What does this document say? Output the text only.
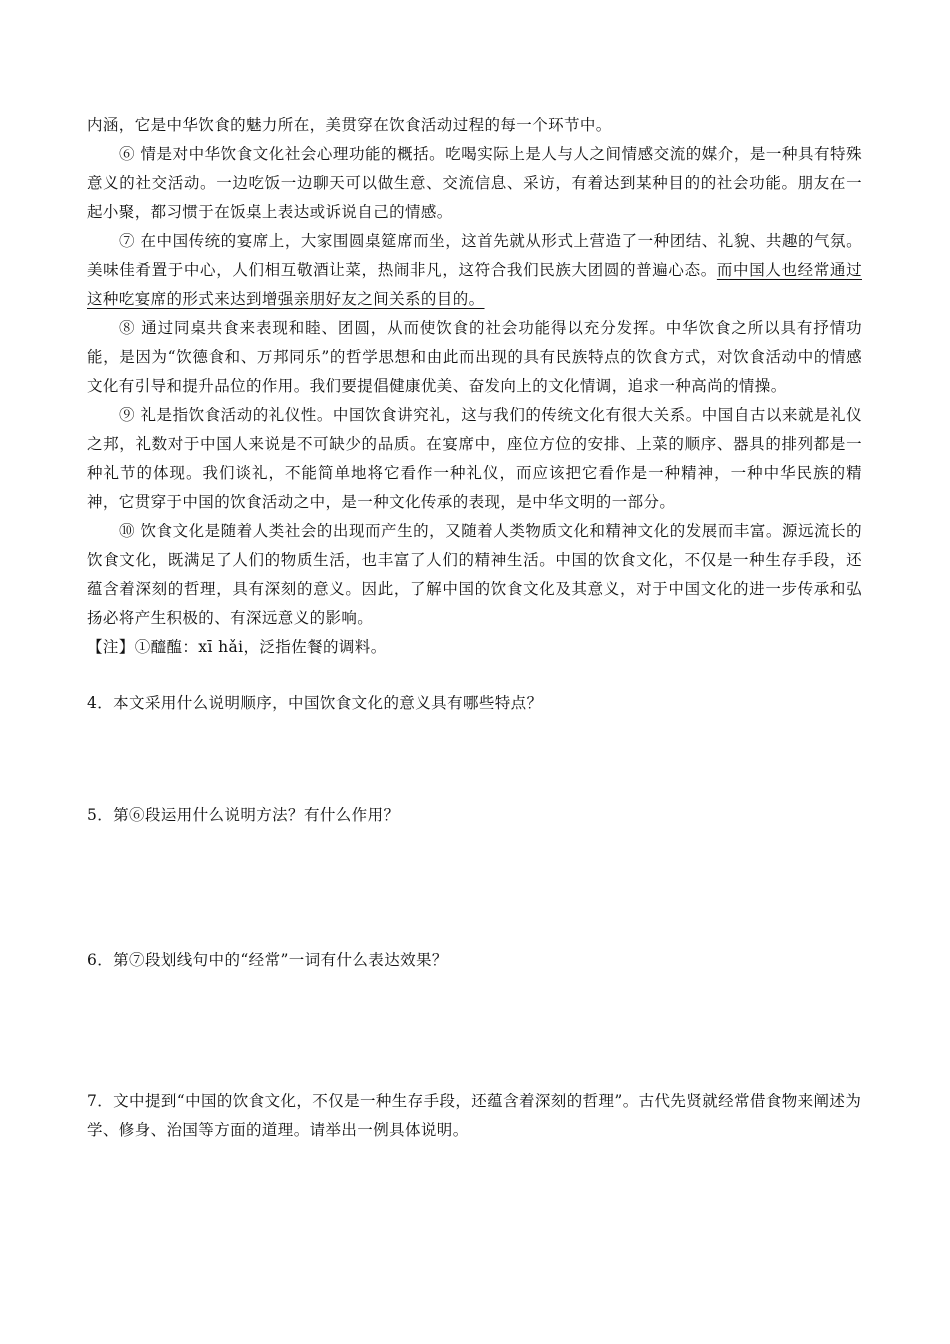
内涵，它是中华饮食的魅力所在，美贯穿在饮食活动过程的每一个环节中。

⑥ 情是对中华饮食文化社会心理功能的概括。吃喝实际上是人与人之间情感交流的媒介，是一种具有特殊意义的社交活动。一边吃饭一边聊天可以做生意、交流信息、采访，有着达到某种目的的社会功能。朋友在一起小聚，都习惯于在饭桌上表达或诉说自己的情感。

⑦ 在中国传统的宴席上，大家围圆桌筵席而坐，这首先就从形式上营造了一种团结、礼貌、共趣的气氛。美味佳肴置于中心，人们相互敬酒让菜，热闹非凡，这符合我们民族大团圆的普遍心态。而中国人也经常通过这种吃宴席的形式来达到增强亲朋好友之间关系的目的。

⑧ 通过同桌共食来表现和睦、团圆，从而使饮食的社会功能得以充分发挥。中华饮食之所以具有抒情功能，是因为“饮德食和、万邦同乐”的哲学思想和由此而出现的具有民族特点的饮食方式，对饮食活动中的情感文化有引导和提升品位的作用。我们要提倡健康优美、奋发向上的文化情调，追求一种高尚的情操。

⑨ 礼是指饮食活动的礼仪性。中国饮食讲究礼，这与我们的传统文化有很大关系。中国自古以来就是礼仪之邦，礼数对于中国人来说是不可缺少的品质。在宴席中，座位方位的安排、上菜的顺序、器具的排列都是一种礼节的体现。我们谈礼，不能简单地将它看作一种礼仪，而应该把它看作是一种精神，一种中华民族的精神，它贯穿于中国的饮食活动之中，是一种文化传承的表现，是中华文明的一部分。

⑩ 饮食文化是随着人类社会的出现而产生的，又随着人类物质文化和精神文化的发展而丰富。源远流长的饮食文化，既满足了人们的物质生活，也丰富了人们的精神生活。中国的饮食文化，不仅是一种生存手段，还蕴含着深刻的哲理，具有深刻的意义。因此，了解中国的饮食文化及其意义，对于中国文化的进一步传承和弘扬必将产生积极的、有深远意义的影响。

【注】①醯醢：xī hǎi，泛指佐餐的调料。

4．本文采用什么说明顺序，中国饮食文化的意义具有哪些特点？

5．第⑥段运用什么说明方法？有什么作用？

6．第⑦段划线句中的“经常”一词有什么表达效果？

7．文中提到“中国的饮食文化，不仅是一种生存手段，还蕴含着深刻的哲理”。古代先贤就经常借食物来阐述为学、修身、治国等方面的道理。请举出一例具体说明。
